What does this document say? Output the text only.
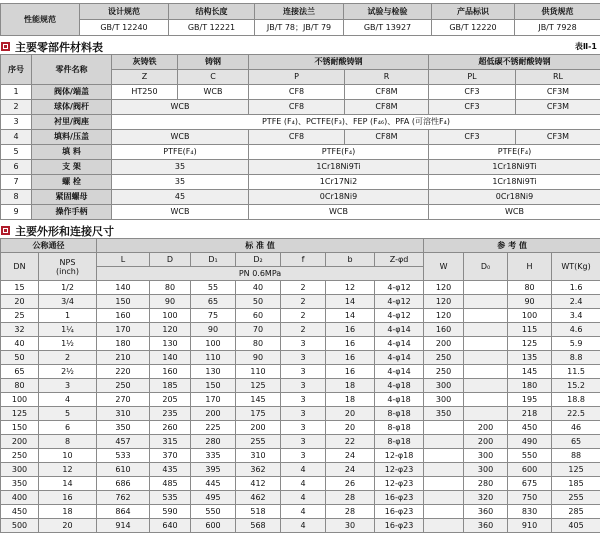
性能规范	设计规范	结构长度	连接法兰	试验与检验	产品标识	供货规范
	GB/T 12240	GB/T 12221	JB/T 78；JB/T 79	GB/T 13927	GB/T 12220	JB/T 7928
主要零部件材料表	表Ⅱ-1
序号	零件名称	灰铸铁	铸钢	不锈耐酸铸钢		超低碳不锈耐酸铸钢	
		Z	C	P	R	PL	RL
1	阀体/端盖	HT250	WCB	CF8	CF8M	CF3	CF3M
2	球体/阀杆	WCB		CF8	CF8M	CF3	CF3M
3	衬里/阀座	PTFE (F₄)、PCTFE(F₃)、FEP (F₄₆)、PFA (可溶性F₄)					
4	填料/压盖	WCB		CF8	CF8M	CF3	CF3M
5	填 料	PTFE(F₄)		PTFE(F₄)		PTFE(F₄)	
6	支 架	35		1Cr18Ni9Ti		1Cr18Ni9Ti	
7	螺 栓	35		1Cr17Ni2		1Cr18Ni9Ti	
8	紧固螺母	45		0Cr18Ni9		0Cr18Ni9	
9	操作手柄	WCB		WCB		WCB	
主要外形和连接尺寸
公称通径		标 准 值							参 考 值			
DN	NPS
(inch)	L	D	D₁	D₂	f	b	Z-φd	W	D₀	H	WT(Kg)
		PN 0.6MPa										
15	1/2	140	80	55	40	2	12	4-φ12	120		80	1.6
20	3/4	150	90	65	50	2	14	4-φ12	120		90	2.4
25	1	160	100	75	60	2	14	4-φ12	120		100	3.4
32	1¼	170	120	90	70	2	16	4-φ14	160		115	4.6
40	1½	180	130	100	80	3	16	4-φ14	200		125	5.9
50	2	210	140	110	90	3	16	4-φ14	250		135	8.8
65	2½	220	160	130	110	3	16	4-φ14	250		145	11.5
80	3	250	185	150	125	3	18	4-φ18	300		180	15.2
100	4	270	205	170	145	3	18	4-φ18	300		195	18.8
125	5	310	235	200	175	3	20	8-φ18	350		218	22.5
150	6	350	260	225	200	3	20	8-φ18		200	450	46
200	8	457	315	280	255	3	22	8-φ18		200	490	65
250	10	533	370	335	310	3	24	12-φ18		300	550	88
300	12	610	435	395	362	4	24	12-φ23		300	600	125
350	14	686	485	445	412	4	26	12-φ23		280	675	185
400	16	762	535	495	462	4	28	16-φ23		320	750	255
450	18	864	590	550	518	4	28	16-φ23		360	830	285
500	20	914	640	600	568	4	30	16-φ23		360	910	405
